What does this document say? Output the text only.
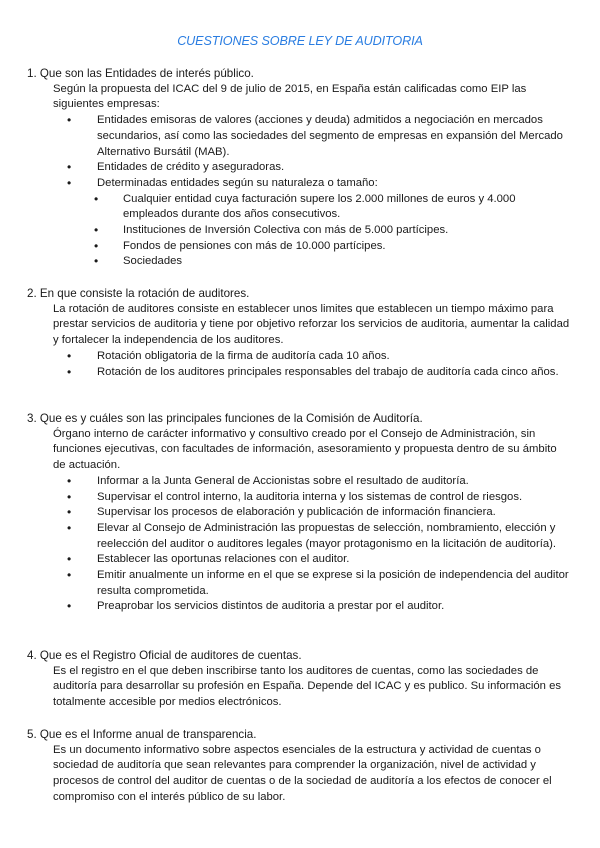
CUESTIONES SOBRE LEY DE AUDITORIA

1. Que son las Entidades de interés público.

Según la propuesta del ICAC del 9 de julio de 2015, en España están calificadas como EIP las siguientes empresas:

• Entidades emisoras de valores (acciones y deuda) admitidos a negociación en mercados secundarios, así como las sociedades del segmento de empresas en expansión del Mercado Alternativo Bursátil (MAB).
• Entidades de crédito y aseguradoras.
• Determinadas entidades según su naturaleza o tamaño:
• Cualquier entidad cuya facturación supere los 2.000 millones de euros y 4.000 empleados durante dos años consecutivos.
• Instituciones de Inversión Colectiva con más de 5.000 partícipes.
• Fondos de pensiones con más de 10.000 partícipes.
• Sociedades

2. En que consiste la rotación de auditores.

La rotación de auditores consiste en establecer unos limites que establecen un tiempo máximo para prestar servicios de auditoria y tiene por objetivo reforzar los servicios de auditoria, aumentar la calidad y fortalecer la independencia de los auditores.

• Rotación obligatoria de la firma de auditoría cada 10 años.
• Rotación de los auditores principales responsables del trabajo de auditoría cada cinco años.

3. Que es y cuáles son las principales funciones de la Comisión de Auditoría.

Órgano interno de carácter informativo y consultivo creado por el Consejo de Administración, sin funciones ejecutivas, con facultades de información, asesoramiento y propuesta dentro de su ámbito de actuación.

• Informar a la Junta General de Accionistas sobre el resultado de auditoría.
• Supervisar el control interno, la auditoria interna y los sistemas de control de riesgos.
• Supervisar los procesos de elaboración y publicación de información financiera.
• Elevar al Consejo de Administración las propuestas de selección, nombramiento, elección y reelección del auditor o auditores legales (mayor protagonismo en la licitación de auditoría).
• Establecer las oportunas relaciones con el auditor.
• Emitir anualmente un informe en el que se exprese si la posición de independencia del auditor resulta comprometida.
• Preaprobar los servicios distintos de auditoria a prestar por el auditor.

4. Que es el Registro Oficial de auditores de cuentas.

Es el registro en el que deben inscribirse tanto los auditores de cuentas, como las sociedades de auditoría para desarrollar su profesión en España. Depende del ICAC y es publico. Su información es totalmente accesible por medios electrónicos.

5. Que es el Informe anual de transparencia.

Es un documento informativo sobre aspectos esenciales de la estructura y actividad de cuentas o sociedad de auditoría que sean relevantes para comprender la organización, nivel de actividad y procesos de control del auditor de cuentas o de la sociedad de auditoría a los efectos de conocer el compromiso con el interés público de su labor.
